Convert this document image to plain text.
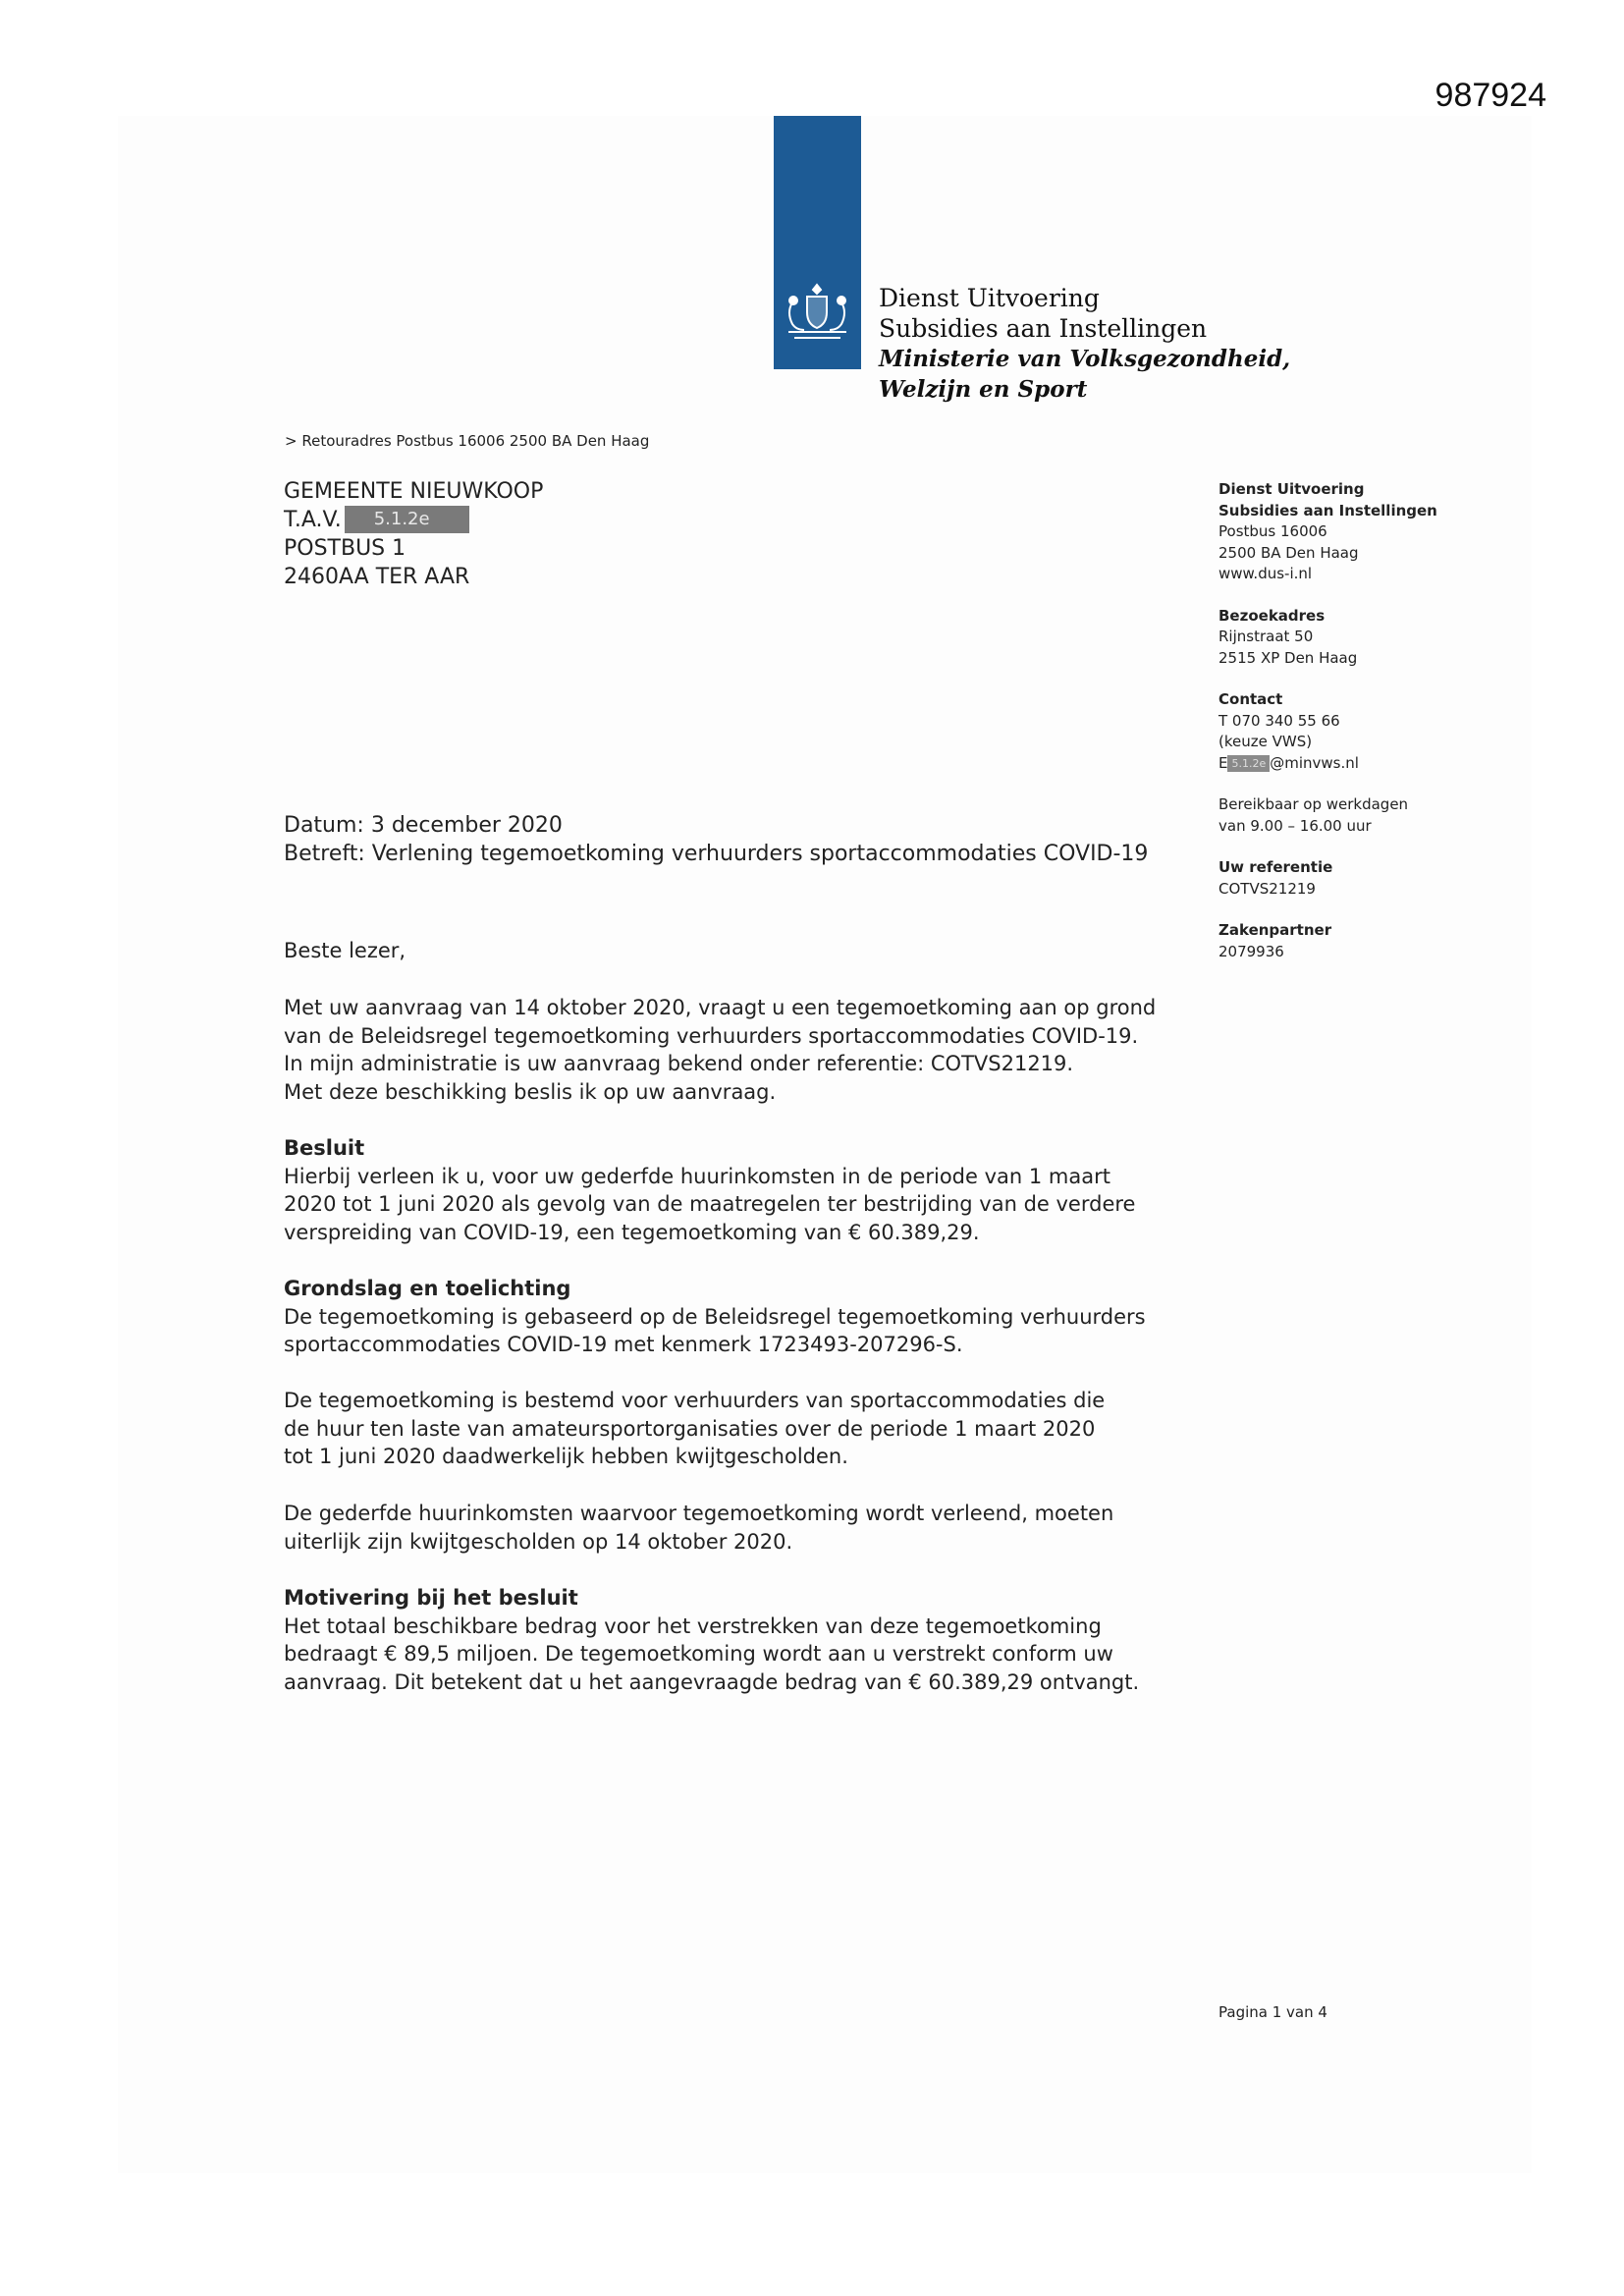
987924
Dienst Uitvoering
Subsidies aan Instellingen
Ministerie van Volksgezondheid,
Welzijn en Sport
> Retouradres Postbus 16006 2500 BA Den Haag
GEMEENTE NIEUWKOOP
T.A.V. 5.1.2e
POSTBUS 1
2460AA TER AAR
Dienst Uitvoering
Subsidies aan Instellingen
Postbus 16006
2500 BA Den Haag
www.dus-i.nl
Bezoekadres
Rijnstraat 50
2515 XP Den Haag
Contact
T 070 340 55 66
(keuze VWS)
E 5.1.2e @minvws.nl
Bereikbaar op werkdagen
van 9.00 – 16.00 uur
Uw referentie
COTVS21219
Zakenpartner
2079936
Datum: 3 december 2020
Betreft: Verlening tegemoetkoming verhuurders sportaccommodaties COVID-19
Beste lezer,

Met uw aanvraag van 14 oktober 2020, vraagt u een tegemoetkoming aan op grond

van de Beleidsregel tegemoetkoming verhuurders sportaccommodaties COVID-19.

In mijn administratie is uw aanvraag bekend onder referentie: COTVS21219.

Met deze beschikking beslis ik op uw aanvraag.

Besluit

Hierbij verleen ik u, voor uw gederfde huurinkomsten in de periode van 1 maart

2020 tot 1 juni 2020 als gevolg van de maatregelen ter bestrijding van de verdere

verspreiding van COVID-19, een tegemoetkoming van € 60.389,29.

Grondslag en toelichting

De tegemoetkoming is gebaseerd op de Beleidsregel tegemoetkoming verhuurders

sportaccommodaties COVID-19 met kenmerk 1723493-207296-S.

De tegemoetkoming is bestemd voor verhuurders van sportaccommodaties die

de huur ten laste van amateursportorganisaties over de periode 1 maart 2020

tot 1 juni 2020 daadwerkelijk hebben kwijtgescholden.

De gederfde huurinkomsten waarvoor tegemoetkoming wordt verleend, moeten

uiterlijk zijn kwijtgescholden op 14 oktober 2020.

Motivering bij het besluit

Het totaal beschikbare bedrag voor het verstrekken van deze tegemoetkoming

bedraagt € 89,5 miljoen. De tegemoetkoming wordt aan u verstrekt conform uw

aanvraag. Dit betekent dat u het aangevraagde bedrag van € 60.389,29 ontvangt.

Pagina 1 van 4
